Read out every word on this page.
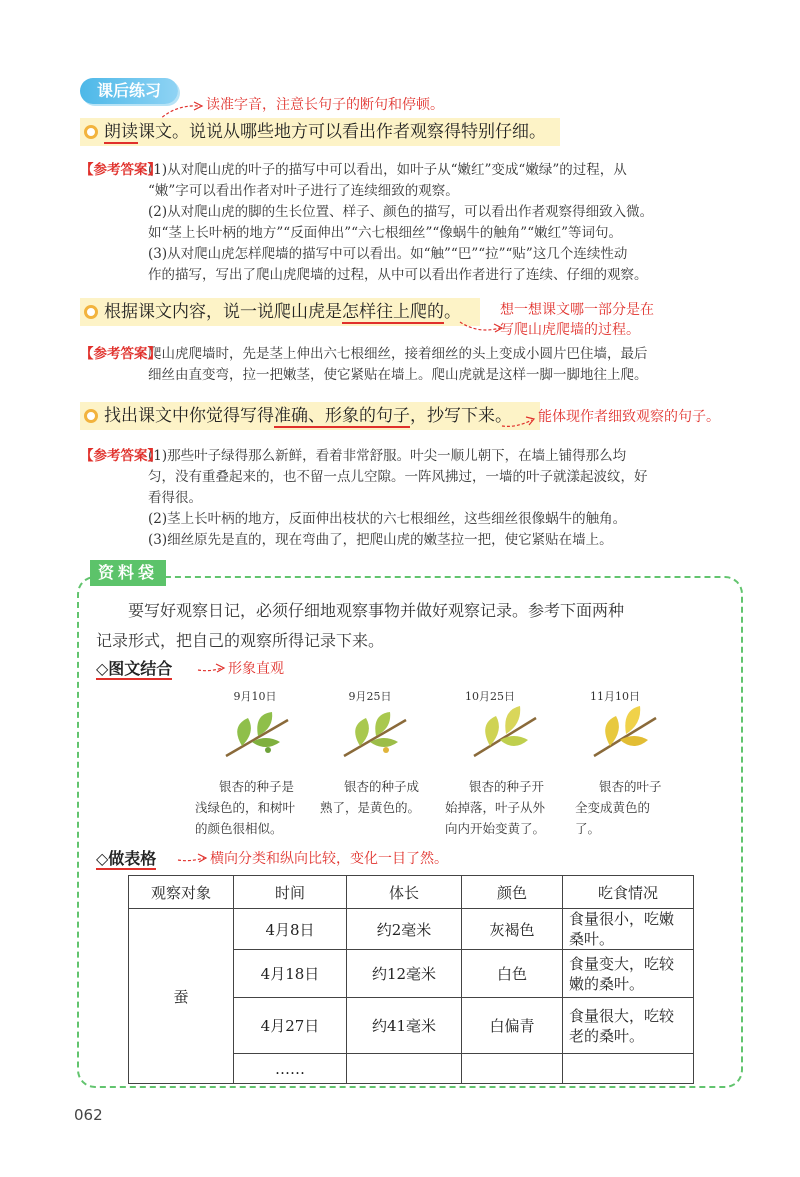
课后练习
读准字音，注意长句子的断句和停顿。
朗读课文。说说从哪些地方可以看出作者观察得特别仔细。
【参考答案】
(1)从对爬山虎的叶子的描写中可以看出，如叶子从“嫩红”变成“嫩绿”的过程，从
“嫩”字可以看出作者对叶子进行了连续细致的观察。
(2)从对爬山虎的脚的生长位置、样子、颜色的描写，可以看出作者观察得细致入微。
如“茎上长叶柄的地方”“反面伸出”“六七根细丝”“像蜗牛的触角”“嫩红”等词句。
(3)从对爬山虎怎样爬墙的描写中可以看出。如“触”“巴”“拉”“贴”这几个连续性动
作的描写，写出了爬山虎爬墙的过程，从中可以看出作者进行了连续、仔细的观察。
根据课文内容，说一说爬山虎是怎样往上爬的。	想一想课文哪一部分是在
写爬山虎爬墙的过程。
【参考答案】
爬山虎爬墙时，先是茎上伸出六七根细丝，接着细丝的头上变成小圆片巴住墙，最后
细丝由直变弯，拉一把嫩茎，使它紧贴在墙上。爬山虎就是这样一脚一脚地往上爬。
找出课文中你觉得写得准确、形象的句子，抄写下来。 能体现作者细致观察的句子。
【参考答案】
(1)那些叶子绿得那么新鲜，看着非常舒服。叶尖一顺儿朝下，在墙上铺得那么均
匀，没有重叠起来的，也不留一点儿空隙。一阵风拂过，一墙的叶子就漾起波纹，好
看得很。
(2)茎上长叶柄的地方，反面伸出枝状的六七根细丝，这些细丝很像蜗牛的触角。
(3)细丝原先是直的，现在弯曲了，把爬山虎的嫩茎拉一把，使它紧贴在墙上。
资料袋
要写好观察日记，必须仔细地观察事物并做好观察记录。参考下面两种
记录形式，把自己的观察所得记录下来。
◇图文结合	形象直观
9月10日	9月25日	10月25日	11月10日
银杏的种子是浅绿色的，和树叶的颜色很相似。
银杏的种子成熟了，是黄色的。
银杏的种子开始掉落，叶子从外向内开始变黄了。
银杏的叶子全变成黄色的了。
◇做表格	横向分类和纵向比较，变化一目了然。
观察对象	时间	体长	颜色	吃食情况
蚕	4月8日	约2毫米	灰褐色	食量很小，吃嫩桑叶。
	4月18日	约12毫米	白色	食量变大，吃较嫩的桑叶。
	4月27日	约41毫米	白偏青	食量很大，吃较老的桑叶。
	……			
062
